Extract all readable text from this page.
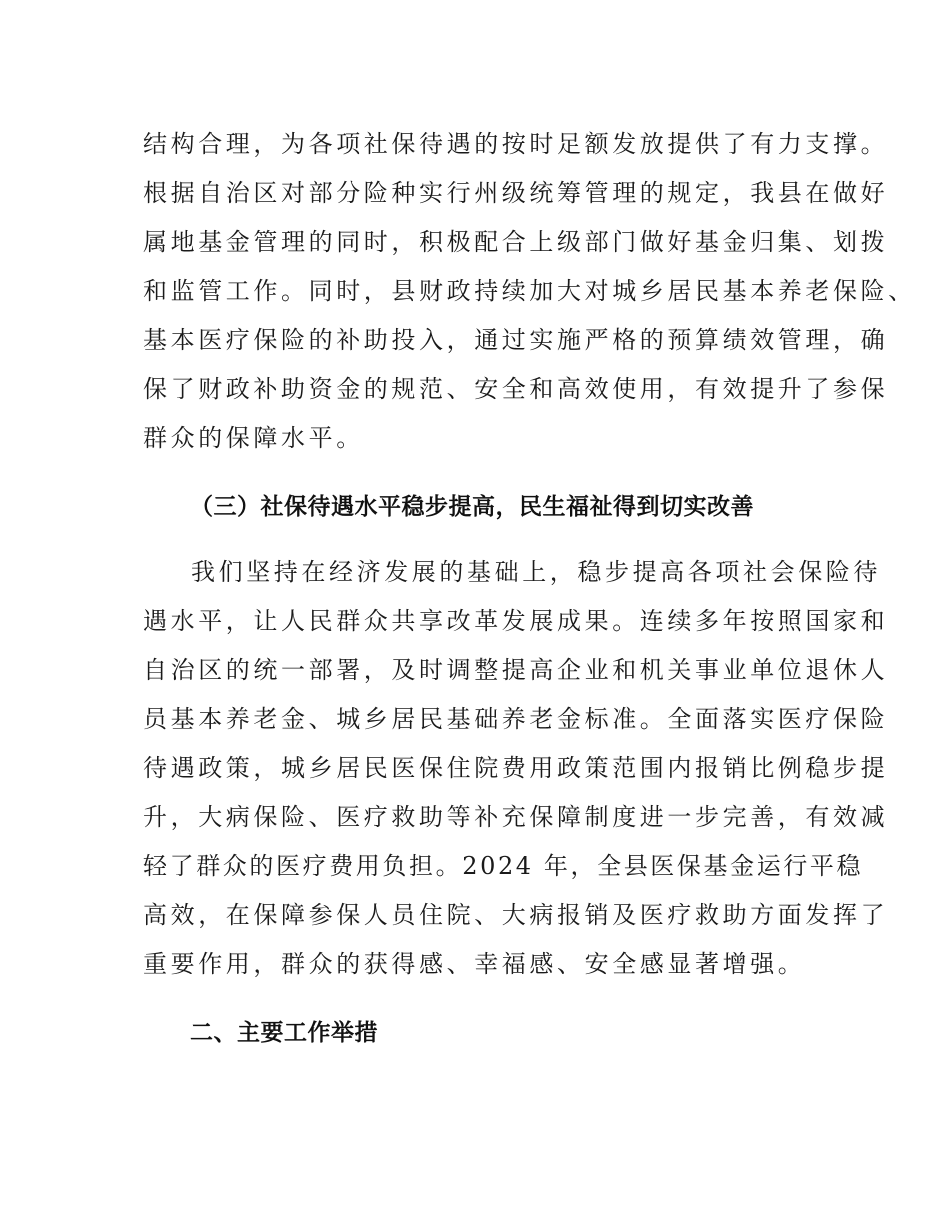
结构合理，为各项社保待遇的按时足额发放提供了有力支撑。
根据自治区对部分险种实行州级统筹管理的规定，我县在做好
属地基金管理的同时，积极配合上级部门做好基金归集、划拨
和监管工作。同时，县财政持续加大对城乡居民基本养老保险、
基本医疗保险的补助投入，通过实施严格的预算绩效管理，确
保了财政补助资金的规范、安全和高效使用，有效提升了参保
群众的保障水平。
（三）社保待遇水平稳步提高，民生福祉得到切实改善
我们坚持在经济发展的基础上，稳步提高各项社会保险待
遇水平，让人民群众共享改革发展成果。连续多年按照国家和
自治区的统一部署，及时调整提高企业和机关事业单位退休人
员基本养老金、城乡居民基础养老金标准。全面落实医疗保险
待遇政策，城乡居民医保住院费用政策范围内报销比例稳步提
升，大病保险、医疗救助等补充保障制度进一步完善，有效减
轻了群众的医疗费用负担。2024 年，全县医保基金运行平稳
高效，在保障参保人员住院、大病报销及医疗救助方面发挥了
重要作用，群众的获得感、幸福感、安全感显著增强。
二、主要工作举措
